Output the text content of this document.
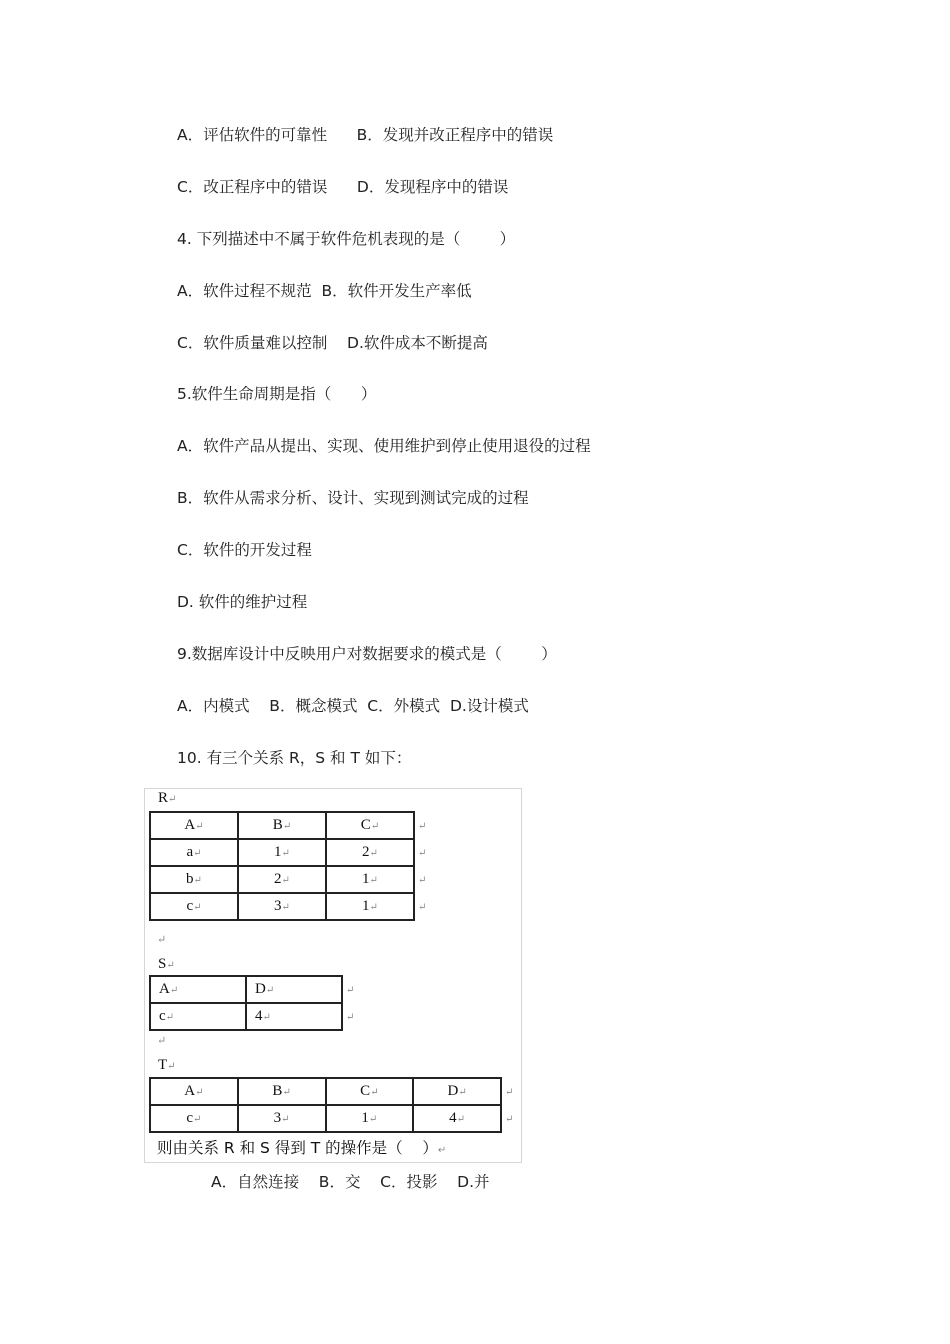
A．评估软件的可靠性      B．发现并改正程序中的错误
C．改正程序中的错误      D．发现程序中的错误
4. 下列描述中不属于软件危机表现的是（        ）
A．软件过程不规范  B．软件开发生产率低
C．软件质量难以控制    D.软件成本不断提高
5.软件生命周期是指（      ）
A．软件产品从提出、实现、使用维护到停止使用退役的过程
B．软件从需求分析、设计、实现到测试完成的过程
C．软件的开发过程
D. 软件的维护过程
9.数据库设计中反映用户对数据要求的模式是（        ）
A．内模式    B．概念模式  C．外模式  D.设计模式
10. 有三个关系 R，S 和 T 如下：
R↵
A↵	B↵	C↵	↵
a↵	1↵	2↵	↵
b↵	2↵	1↵	↵
c↵	3↵	1↵	↵
↵
S↵
A↵	D↵	↵
c↵	4↵	↵
↵
T↵
A↵	B↵	C↵	D↵	↵
c↵	3↵	1↵	4↵	↵
则由关系 R 和 S 得到 T 的操作是（    ）↵
A．自然连接    B．交    C．投影    D.并
